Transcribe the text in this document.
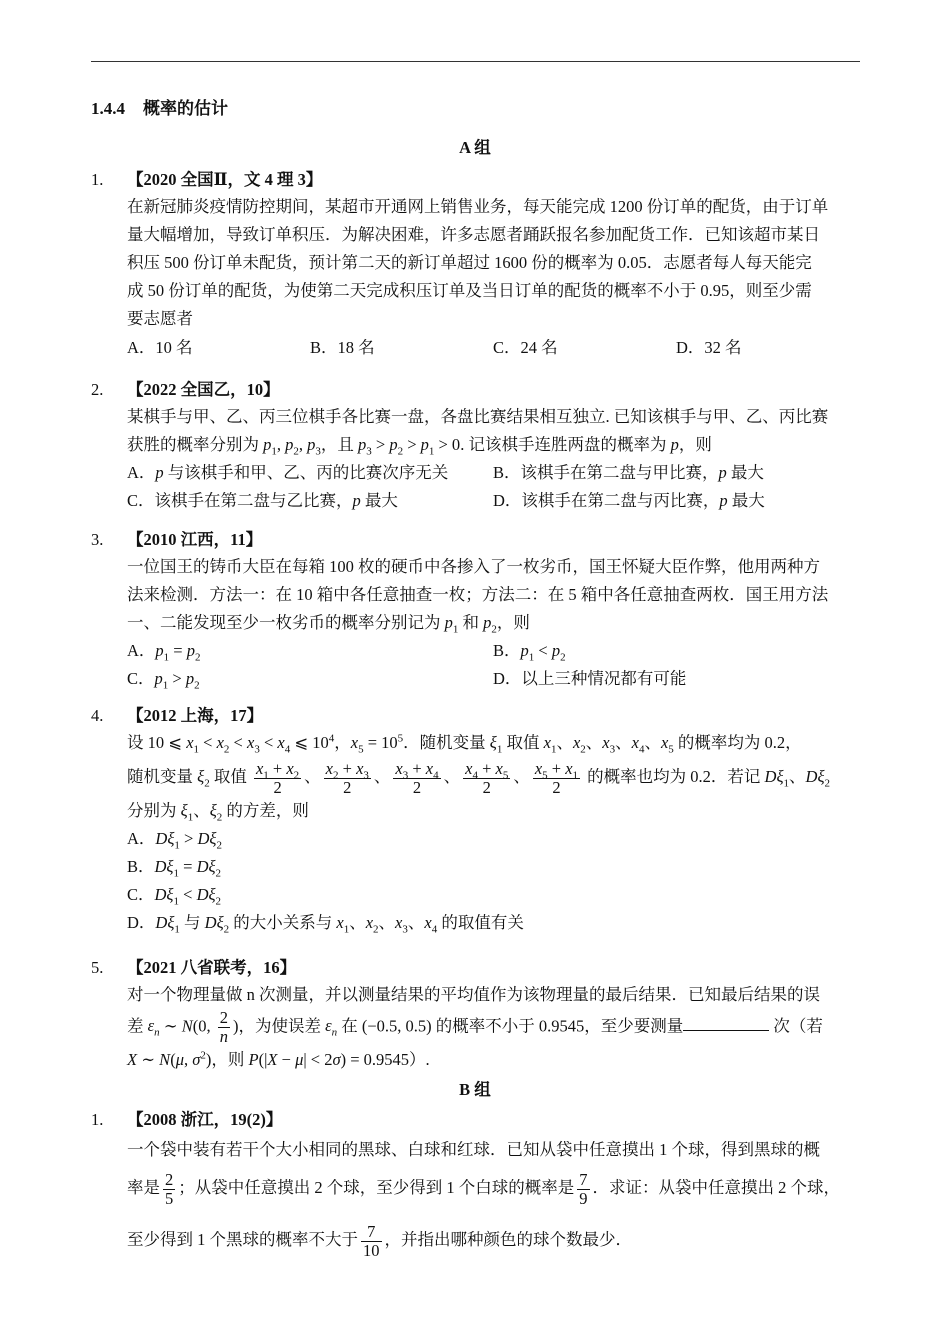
1.4.4 概率的估计
A 组
1. 【2020 全国Ⅱ，文 4 理 3】
在新冠肺炎疫情防控期间，某超市开通网上销售业务，每天能完成 1200 份订单的配货，由于订单
量大幅增加，导致订单积压．为解决困难，许多志愿者踊跃报名参加配货工作．已知该超市某日
积压 500 份订单未配货，预计第二天的新订单超过 1600 份的概率为 0.05．志愿者每人每天能完
成 50 份订单的配货，为使第二天完成积压订单及当日订单的配货的概率不小于 0.95，则至少需
要志愿者
A．10 名	B．18 名	C．24 名	D．32 名
2. 【2022 全国乙，10】
某棋手与甲、乙、丙三位棋手各比赛一盘，各盘比赛结果相互独立. 已知该棋手与甲、乙、丙比赛
获胜的概率分别为 $p_1$, $p_2$, $p_3$，且 $p_3 > p_2 > p_1 > 0$. 记该棋手连胜两盘的概率为 p，则
A．p 与该棋手和甲、乙、丙的比赛次序无关	B．该棋手在第二盘与甲比赛，p 最大
C．该棋手在第二盘与乙比赛，p 最大	D．该棋手在第二盘与丙比赛，p 最大
3. 【2010 江西，11】
一位国王的铸币大臣在每箱 100 枚的硬币中各掺入了一枚劣币，国王怀疑大臣作弊，他用两种方
法来检测．方法一：在 10 箱中各任意抽查一枚；方法二：在 5 箱中各任意抽查两枚．国王用方法
一、二能发现至少一枚劣币的概率分别记为 $p_1$ 和 $p_2$，则
A．$p_1 = p_2$	B．$p_1 < p_2$
C．$p_1 > p_2$	D．以上三种情况都有可能
4. 【2012 上海，17】
设 10 ⩽ $x_1 < x_2 < x_3 < x_4$ ⩽ $10^4$，$x_5 = 10^5$．随机变量 $\xi_1$ 取值 $x_1$、$x_2$、$x_3$、$x_4$、$x_5$ 的概率均为 0.2，
随机变量 $\xi_2$ 取值 $\frac{x_1 + x_2}{2}$ 、 $\frac{x_2 + x_3}{2}$ 、 $\frac{x_3 + x_4}{2}$ 、 $\frac{x_4 + x_5}{2}$ 、 $\frac{x_5 + x_1}{2}$ 的概率也均为 0.2．若记 $D\xi_1$、$D\xi_2$
分别为 $\xi_1$、$\xi_2$ 的方差，则
A．$D\xi_1 > D\xi_2$
B．$D\xi_1 = D\xi_2$
C．$D\xi_1 < D\xi_2$
D．$D\xi_1$ 与 $D\xi_2$ 的大小关系与 $x_1$、$x_2$、$x_3$、$x_4$ 的取值有关
5. 【2021 八省联考，16】
对一个物理量做 n 次测量，并以测量结果的平均值作为该物理量的最后结果．已知最后结果的误
差 $\varepsilon_n$ ∼ N(0, $\frac{2}{n}$ )，为使误差 $\varepsilon_n$ 在 (−0.5, 0.5) 的概率不小于 0.9545，至少要测量	次（若
X ∼ N(μ, $\sigma^2$)，则 P(|X − μ| < 2σ) = 0.9545）.
B 组
1. 【2008 浙江，19(2)】
一个袋中装有若干个大小相同的黑球、白球和红球．已知从袋中任意摸出 1 个球，得到黑球的概
率是 $\frac{2}{5}$ ；从袋中任意摸出 2 个球，至少得到 1 个白球的概率是 $\frac{7}{9}$ ．求证：从袋中任意摸出 2 个球，
至少得到 1 个黑球的概率不大于 $\frac{7}{10}$ ，并指出哪种颜色的球个数最少．
